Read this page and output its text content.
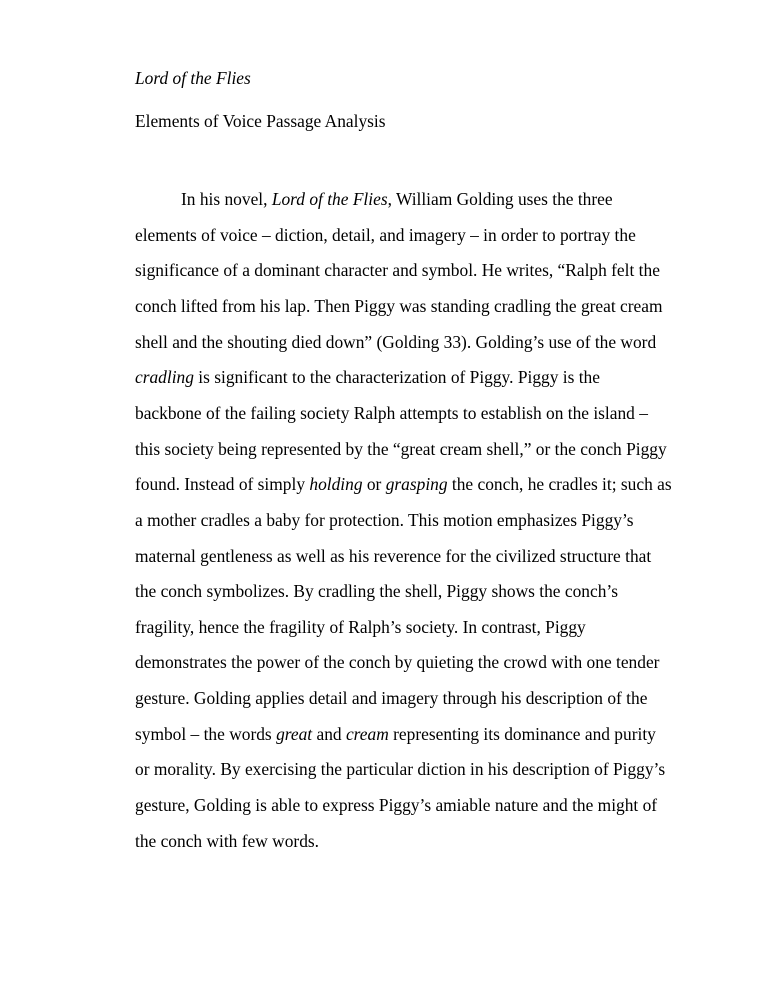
Lord of the Flies
Elements of Voice Passage Analysis
In his novel, Lord of the Flies, William Golding uses the three
elements of voice – diction, detail, and imagery – in order to portray the
significance of a dominant character and symbol. He writes, “Ralph felt the
conch lifted from his lap. Then Piggy was standing cradling the great cream
shell and the shouting died down” (Golding 33). Golding’s use of the word
cradling is significant to the characterization of Piggy. Piggy is the
backbone of the failing society Ralph attempts to establish on the island –
this society being represented by the “great cream shell,” or the conch Piggy
found. Instead of simply holding or grasping the conch, he cradles it; such as
a mother cradles a baby for protection. This motion emphasizes Piggy’s
maternal gentleness as well as his reverence for the civilized structure that
the conch symbolizes. By cradling the shell, Piggy shows the conch’s
fragility, hence the fragility of Ralph’s society. In contrast, Piggy
demonstrates the power of the conch by quieting the crowd with one tender
gesture. Golding applies detail and imagery through his description of the
symbol – the words great and cream representing its dominance and purity
or morality. By exercising the particular diction in his description of Piggy’s
gesture, Golding is able to express Piggy’s amiable nature and the might of
the conch with few words.
